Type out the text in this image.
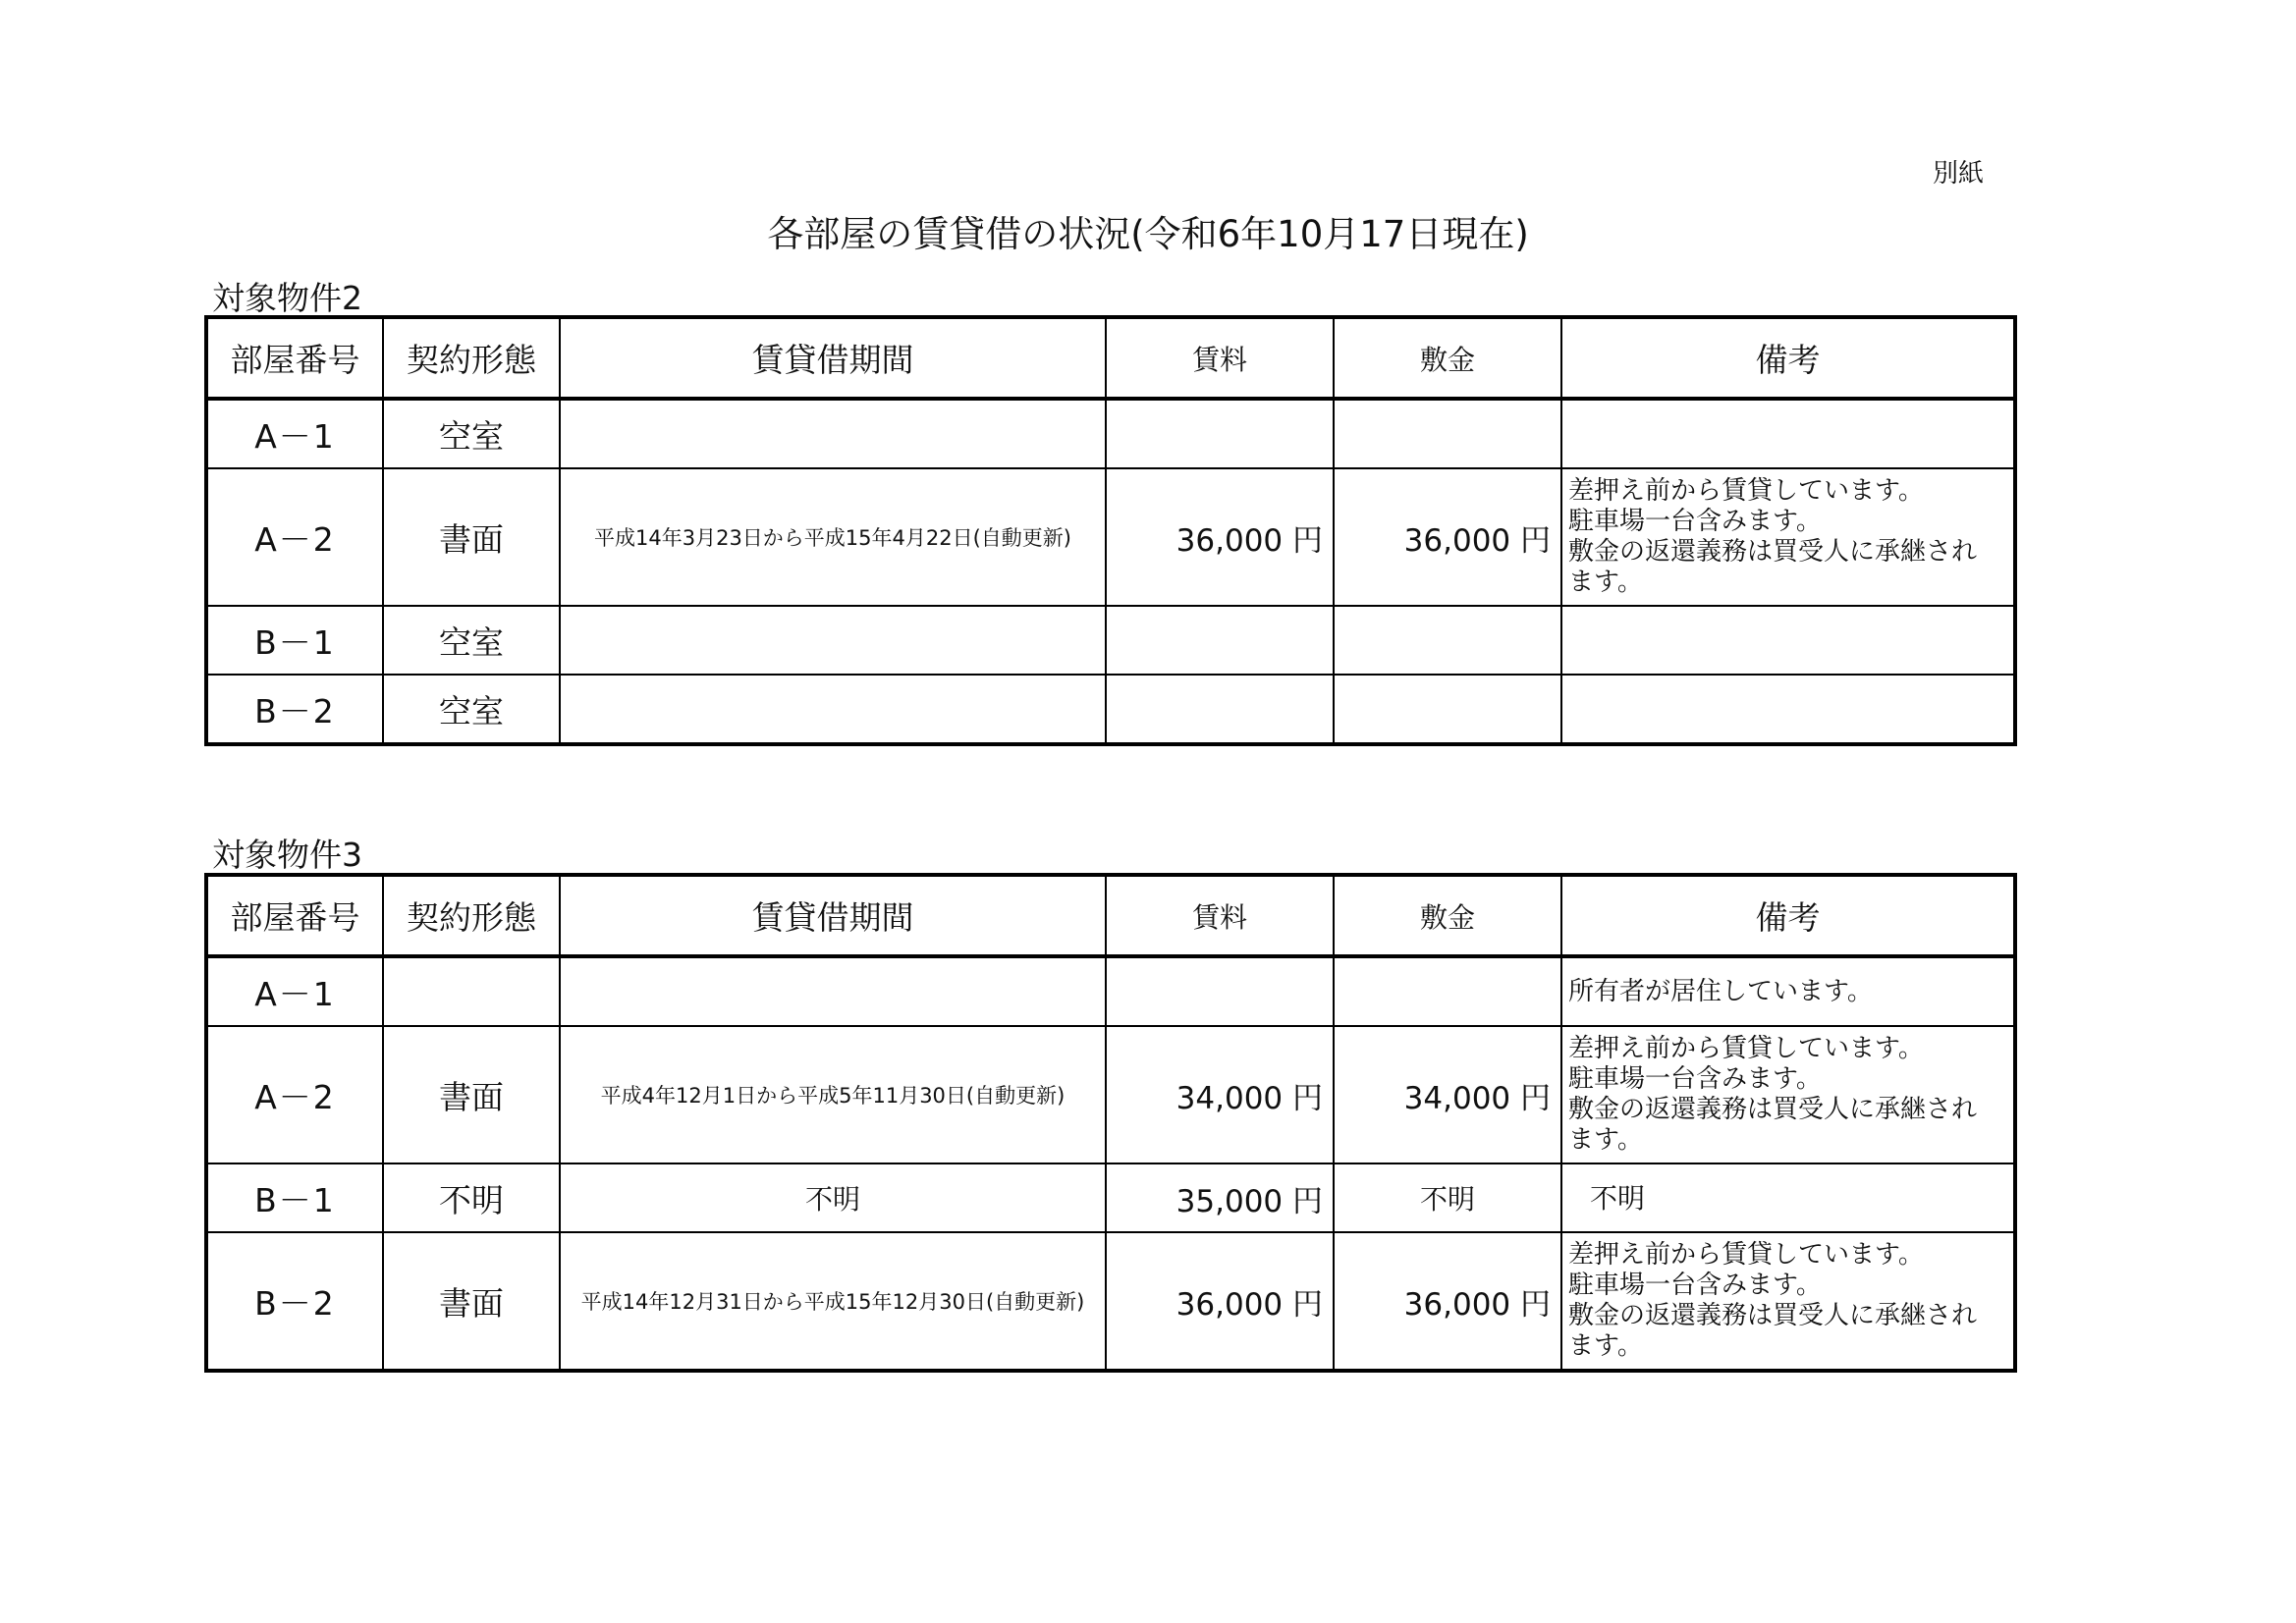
別紙
各部屋の賃貸借の状況(令和6年10月17日現在)
対象物件2
部屋番号	契約形態	賃貸借期間	賃料	敷金	備考
A－1	空室				
A－2	書面	平成14年3月23日から平成15年4月22日(自動更新)	36,000 円	36,000 円	差押え前から賃貸しています。
駐車場一台含みます。
敷金の返還義務は買受人に承継され
ます。

B－1	空室				
B－2	空室				
対象物件3
部屋番号	契約形態	賃貸借期間	賃料	敷金	備考
A－1					所有者が居住しています。

A－2	書面	平成4年12月1日から平成5年11月30日(自動更新)	34,000 円	34,000 円	差押え前から賃貸しています。
駐車場一台含みます。
敷金の返還義務は買受人に承継され
ます。

B－1	不明	不明	35,000 円	不明	不明

B－2	書面	平成14年12月31日から平成15年12月30日(自動更新)	36,000 円	36,000 円	差押え前から賃貸しています。
駐車場一台含みます。
敷金の返還義務は買受人に承継され
ます。
